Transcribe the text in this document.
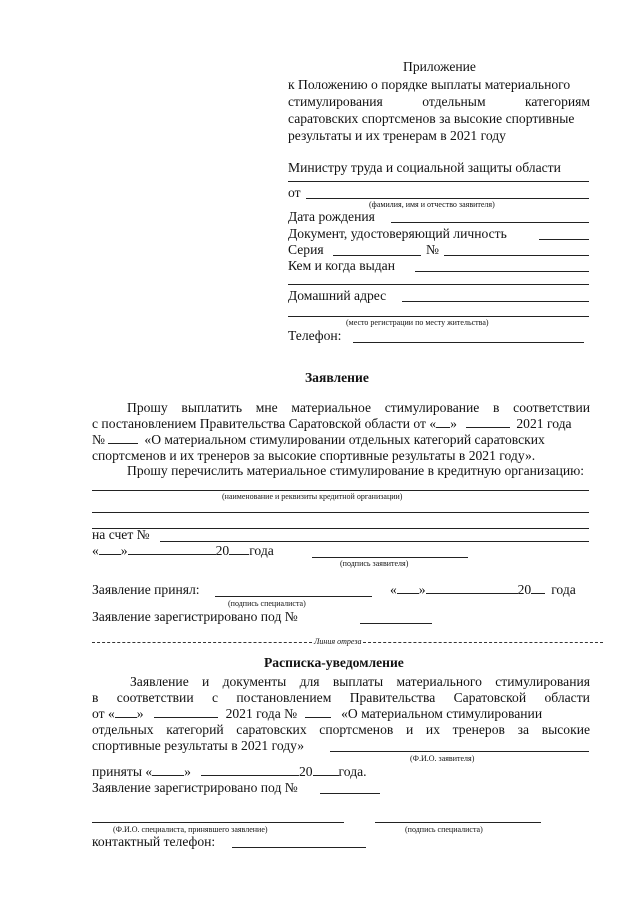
Приложение
к Положению о порядке выплаты материального
стимулирования	отдельным	категориям
саратовских спортсменов за высокие спортивные
результаты и их тренерам в 2021 году
Министру труда и социальной защиты области
от
(фамилия, имя и отчество заявителя)
Дата рождения
Документ, удостоверяющий личность
Серия	№
Кем и когда выдан
Домашний адрес
(место регистрации по месту жительства)
Телефон:
Заявление
Прошу выплатить мне материальное стимулирование в соответствии
с постановлением Правительства Саратовской области от « »	2021 года
№	«О материальном стимулировании отдельных категорий саратовских
спортсменов и их тренеров за высокие спортивные результаты в 2021 году».
Прошу перечислить материальное стимулирование в кредитную организацию:
(наименование и реквизиты кредитной организации)
на счет №
« »	20 года
(подпись заявителя)
Заявление принял:
(подпись специалиста)
« »	20 года
Заявление зарегистрировано под №
Линия отреза
Расписка-уведомление
Заявление и документы для выплаты материального стимулирования
в соответствии с постановлением Правительства Саратовской области
от « »	2021 года №	«О материальном стимулировании
отдельных категорий саратовских спортсменов и их тренеров за высокие
спортивные результаты в 2021 году»
(Ф.И.О. заявителя)
приняты « »	20 года.
Заявление зарегистрировано под №
(Ф.И.О. специалиста, принявшего заявление)	(подпись специалиста)
контактный телефон:
